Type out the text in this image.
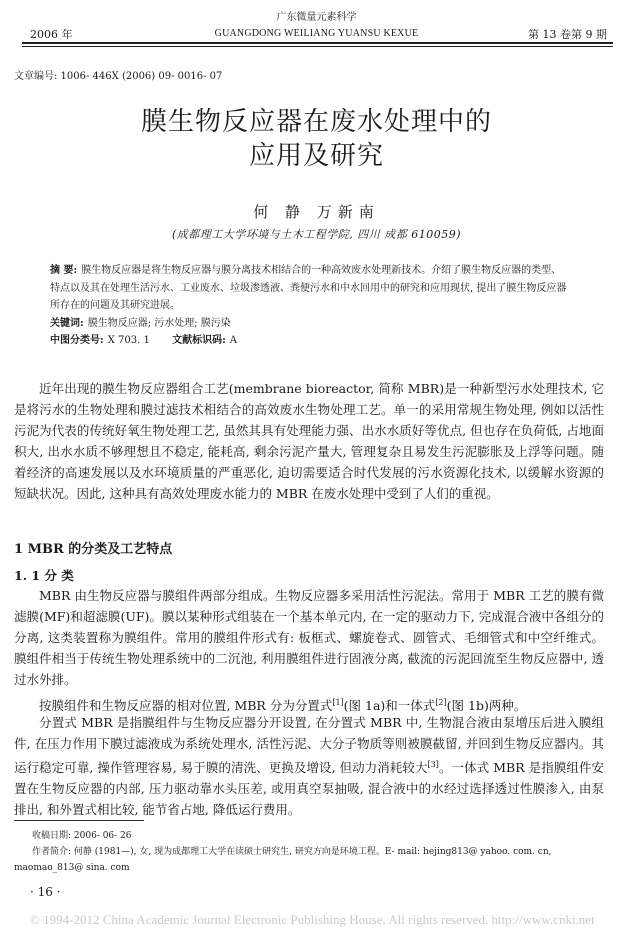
2006 年
广东微量元素科学
GUANGDONG WEILIANG YUANSU KEXUE	第 13 卷第 9 期
文章编号: 1006- 446X (2006) 09- 0016- 07
膜生物反应器在废水处理中的
应用及研究
何 静 万新南
(成都理工大学环境与土木工程学院, 四川 成都 610059)

摘 要: 膜生物反应器是将生物反应器与膜分离技术相结合的一种高效废水处理新技术。介绍了膜生物反应器的类型、特点以及其在处理生活污水、工业废水、垃圾渗透液、粪便污水和中水回用中的研究和应用现状, 提出了膜生物反应器所存在的问题及其研究进展。

关键词: 膜生物反应器; 污水处理; 膜污染

中图分类号: X 703. 1 文献标识码: A

近年出现的膜生物反应器组合工艺(membrane bioreactor, 简称 MBR)是一种新型污水处理技术, 它是将污水的生物处理和膜过滤技术相结合的高效废水生物处理工艺。单一的采用常规生物处理, 例如以活性污泥为代表的传统好氧生物处理工艺, 虽然其具有处理能力强、出水水质好等优点, 但也存在负荷低, 占地面积大, 出水水质不够理想且不稳定, 能耗高, 剩余污泥产量大, 管理复杂且易发生污泥膨胀及上浮等问题。随着经济的高速发展以及水环境质量的严重恶化, 迫切需要适合时代发展的污水资源化技术, 以缓解水资源的短缺状况。因此, 这种具有高效处理废水能力的 MBR 在废水处理中受到了人们的重视。
1 MBR 的分类及工艺特点
1. 1 分 类
MBR 由生物反应器与膜组件两部分组成。生物反应器多采用活性污泥法。常用于 MBR 工艺的膜有微滤膜(MF)和超滤膜(UF)。膜以某种形式组装在一个基本单元内, 在一定的驱动力下, 完成混合液中各组分的分离, 这类装置称为膜组件。常用的膜组件形式有: 板框式、螺旋卷式、圆管式、毛细管式和中空纤维式。膜组件相当于传统生物处理系统中的二沉池, 利用膜组件进行固液分离, 截流的污泥回流至生物反应器中, 透过水外排。
按膜组件和生物反应器的相对位置, MBR 分为分置式[1](图 1a)和一体式[2](图 1b)两种。
分置式 MBR 是指膜组件与生物反应器分开设置, 在分置式 MBR 中, 生物混合液由泵增压后进入膜组件, 在压力作用下膜过滤液成为系统处理水, 活性污泥、大分子物质等则被膜截留, 并回到生物反应器内。其运行稳定可靠, 操作管理容易, 易于膜的清洗、更换及增设, 但动力消耗较大[3]。一体式 MBR 是指膜组件安置在生物反应器的内部, 压力驱动靠水头压差, 或用真空泵抽吸, 混合液中的水经过选择透过性膜渗入, 由泵排出, 和外置式相比较, 能节省占地, 降低运行费用。

收稿日期: 2006- 06- 26

作者简介: 何静 (1981—), 女, 现为成都理工大学在读硕士研究生, 研究方向是环境工程。E- mail: hejing813@ yahoo. com. cn, maomao_813@ sina. com

· 16 ·
© 1994-2012 China Academic Journal Electronic Publishing House. All rights reserved. http://www.cnki.net
